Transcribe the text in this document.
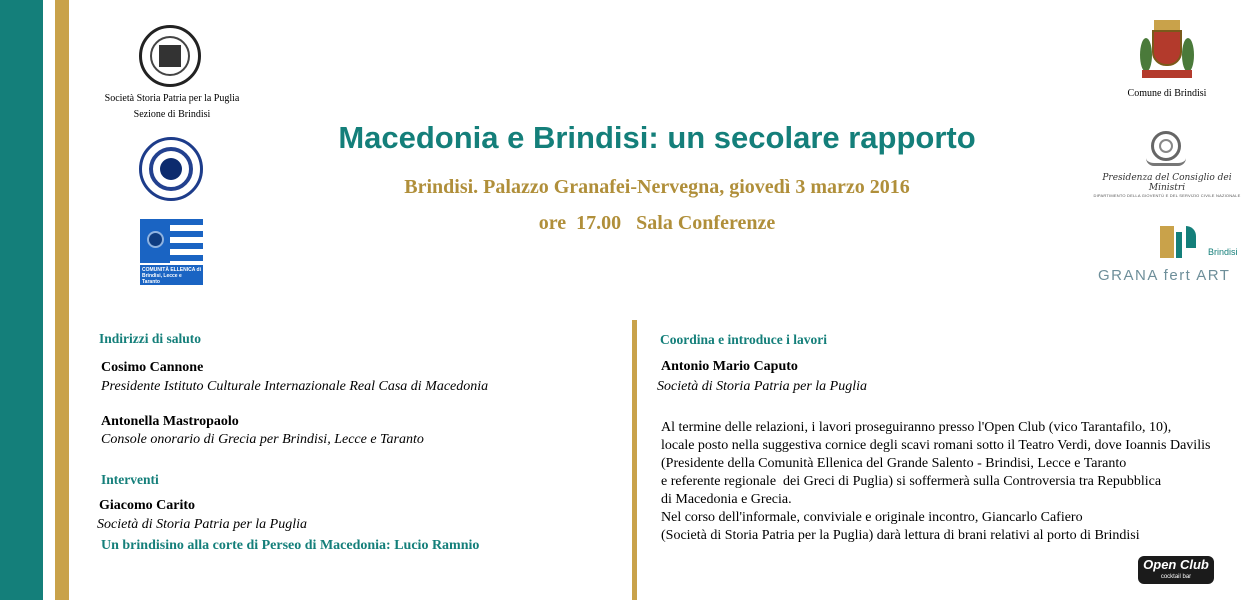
Società Storia Patria per la Puglia
Sezione di Brindisi
COMUNITÀ ELLENICA di Brindisi, Lecce e Taranto
Comune di Brindisi
Presidenza del Consiglio dei Ministri
DIPARTIMENTO DELLA GIOVENTÙ E DEL SERVIZIO CIVILE NAZIONALE
Brindisi
GRANA fert ART
Macedonia e Brindisi: un secolare rapporto
Brindisi. Palazzo Granafei-Nervegna, giovedì 3 marzo 2016
ore  17.00   Sala Conferenze
Indirizzi di saluto
Cosimo Cannone
Presidente Istituto Culturale Internazionale Real Casa di Macedonia
Antonella Mastropaolo
Console onorario di Grecia per Brindisi, Lecce e Taranto
Interventi
Giacomo Carito
Società di Storia Patria per la Puglia
Un brindisino alla corte di Perseo di Macedonia: Lucio Ramnio
Coordina e introduce i lavori
Antonio Mario Caputo
Società di Storia Patria per la Puglia
Al termine delle relazioni, i lavori proseguiranno presso l'Open Club (vico Tarantafilo, 10),
locale posto nella suggestiva cornice degli scavi romani sotto il Teatro Verdi, dove Ioannis Davilis
(Presidente della Comunità Ellenica del Grande Salento - Brindisi, Lecce e Taranto
e referente regionale  dei Greci di Puglia) si soffermerà sulla Controversia tra Repubblica
di Macedonia e Grecia.
Nel corso dell'informale, conviviale e originale incontro, Giancarlo Cafiero
(Società di Storia Patria per la Puglia) darà lettura di brani relativi al porto di Brindisi
Open Club
cocktail bar
